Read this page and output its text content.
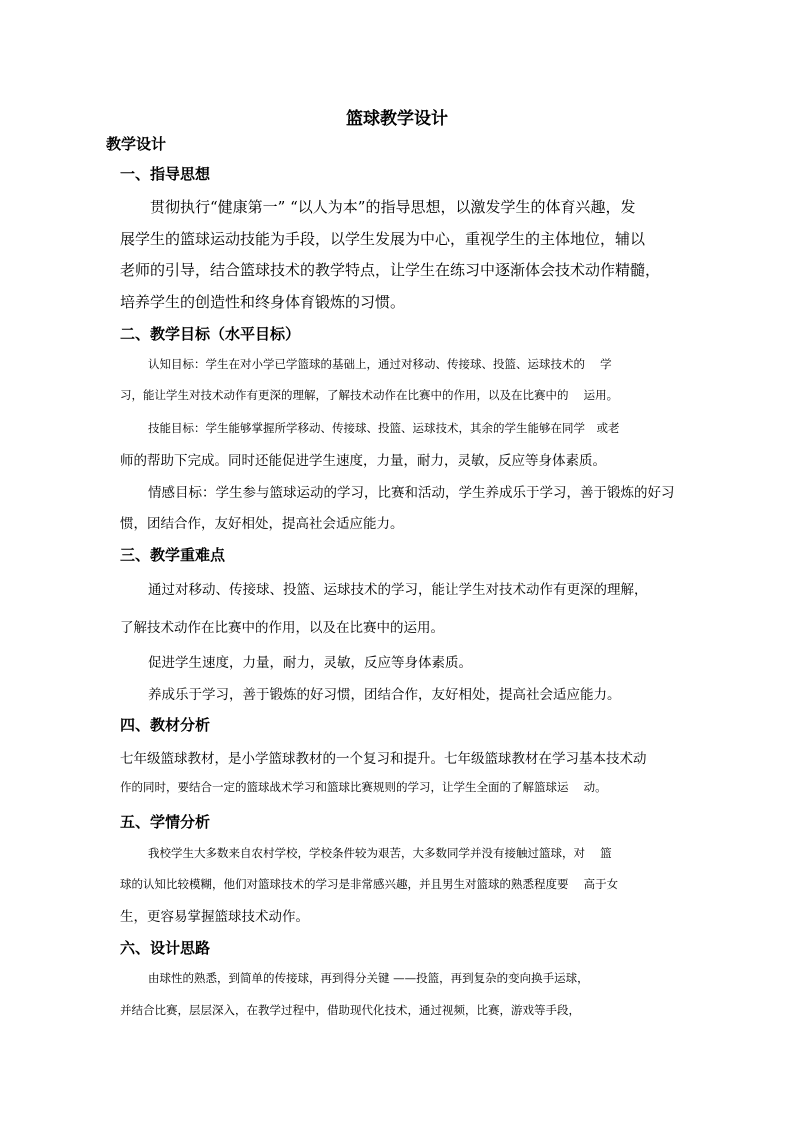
篮球教学设计
教学设计
一、指导思想
贯彻执行“健康第一” “以人为本”的指导思想，以激发学生的体育兴趣，发
展学生的篮球运动技能为手段，以学生发展为中心，重视学生的主体地位，辅以
老师的引导，结合篮球技术的教学特点，让学生在练习中逐渐体会技术动作精髓，
培养学生的创造性和终身体育锻炼的习惯。
二、教学目标（水平目标）
认知目标：学生在对小学已学篮球的基础上，通过对移动、传接球、投篮、运球技术的　 学
习，能让学生对技术动作有更深的理解，了解技术动作在比赛中的作用，以及在比赛中的　 运用。
技能目标：学生能够掌握所学移动、传接球、投篮、运球技术，其余的学生能够在同学　或老
师的帮助下完成。同时还能促进学生速度，力量，耐力，灵敏，反应等身体素质。
情感目标：学生参与篮球运动的学习，比赛和活动，学生养成乐于学习，善于锻炼的好习
惯，团结合作，友好相处，提高社会适应能力。
三、教学重难点
通过对移动、传接球、投篮、运球技术的学习，能让学生对技术动作有更深的理解，
了解技术动作在比赛中的作用，以及在比赛中的运用。
促进学生速度，力量，耐力，灵敏，反应等身体素质。
养成乐于学习，善于锻炼的好习惯，团结合作，友好相处，提高社会适应能力。
四、教材分析
七年级篮球教材，是小学篮球教材的一个复习和提升。七年级篮球教材在学习基本技术动
作的同时，要结合一定的篮球战术学习和篮球比赛规则的学习，让学生全面的了解篮球运　 动。
五、学情分析
我校学生大多数来自农村学校，学校条件较为艰苦，大多数同学并没有接触过篮球，对　 篮
球的认知比较模糊，他们对篮球技术的学习是非常感兴趣，并且男生对篮球的熟悉程度要　 高于女
生，更容易掌握篮球技术动作。
六、设计思路
由球性的熟悉，到简单的传接球，再到得分关键 ——投篮，再到复杂的变向换手运球，
并结合比赛，层层深入，在教学过程中，借助现代化技术，通过视频，比赛，游戏等手段，
